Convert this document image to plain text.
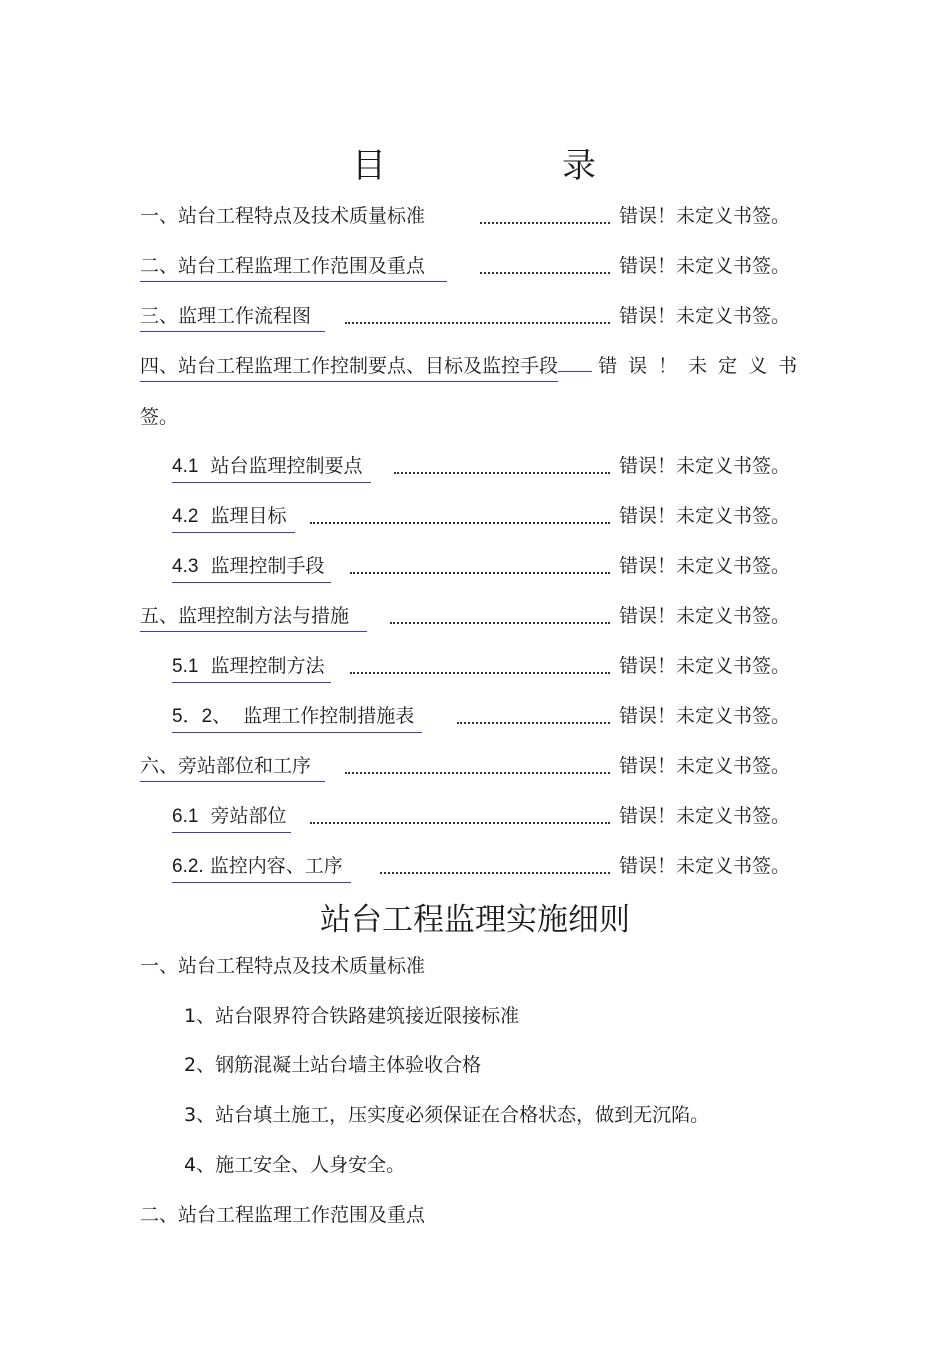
目	录
一、站台工程特点及技术质量标准	错误！未定义书签。
二、站台工程监理工作范围及重点	错误！未定义书签。
三、监理工作流程图	错误！未定义书签。
四、站台工程监理工作控制要点、目标及监控手段 错误！未定义书
签。
4.1 站台监理控制要点	错误！未定义书签。
4.2 监理目标	错误！未定义书签。
4.3 监理控制手段	错误！未定义书签。
五、监理控制方法与措施	错误！未定义书签。
5.1 监理控制方法	错误！未定义书签。
5．2、 监理工作控制措施表	错误！未定义书签。
六、旁站部位和工序	错误！未定义书签。
6.1 旁站部位	错误！未定义书签。
6.2. 监控内容、工序	错误！未定义书签。
站台工程监理实施细则
一、站台工程特点及技术质量标准
1、站台限界符合铁路建筑接近限接标准
2、钢筋混凝土站台墙主体验收合格
3、站台填土施工，压实度必须保证在合格状态，做到无沉陷。
4、施工安全、人身安全。
二、站台工程监理工作范围及重点
